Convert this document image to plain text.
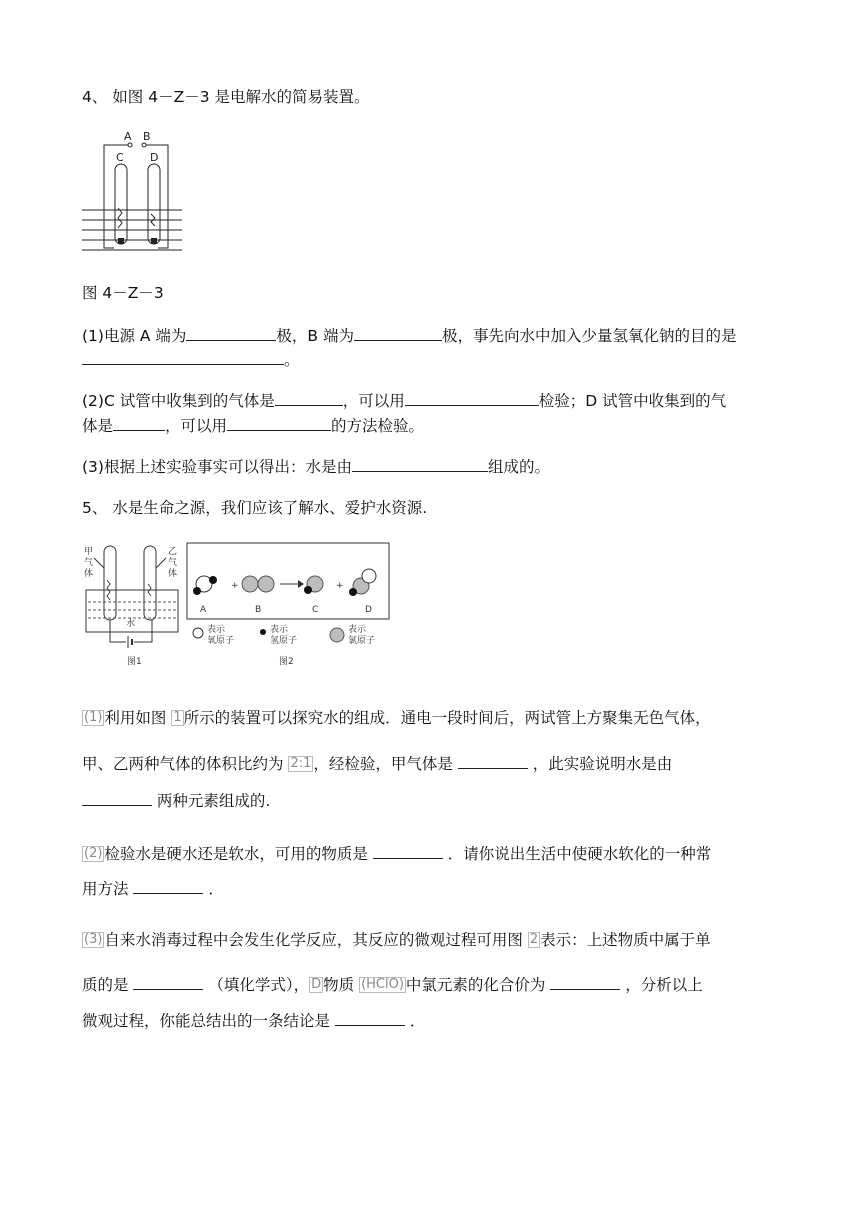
4、 如图 4－Z－3 是电解水的简易装置。
A B
C D
图 4－Z－3
(1)电源 A 端为	极，B 端为	极，事先向水中加入少量氢氧化钠的目的是
。
(2)C 试管中收集到的气体是	，可以用	检验；D 试管中收集到的气
体是	，可以用	的方法检验。
(3)根据上述实验事实可以得出：水是由	组成的。
5、 水是生命之源，我们应该了解水、爱护水资源.
甲
气
体
乙
气
体
水
图1
+	+
A	B	C	D
表示
氧原子
表示
氢原子
表示
氯原子
图2
(1) 利用如图 1 所示的装置可以探究水的组成．通电一段时间后，两试管上方聚集无色气体，
甲、乙两种气体的体积比约为 2:1 ，经检验，甲气体是	，此实验说明水是由
两种元素组成的.
(2) 检验水是硬水还是软水，可用的物质是	．请你说出生活中使硬水软化的一种常
用方法	．
(3) 自来水消毒过程中会发生化学反应，其反应的微观过程可用图 2 表示：上述物质中属于单
质的是	（填化学式）， D 物质 (HClO) 中氯元素的化合价为	，分析以上
微观过程，你能总结出的一条结论是	．
